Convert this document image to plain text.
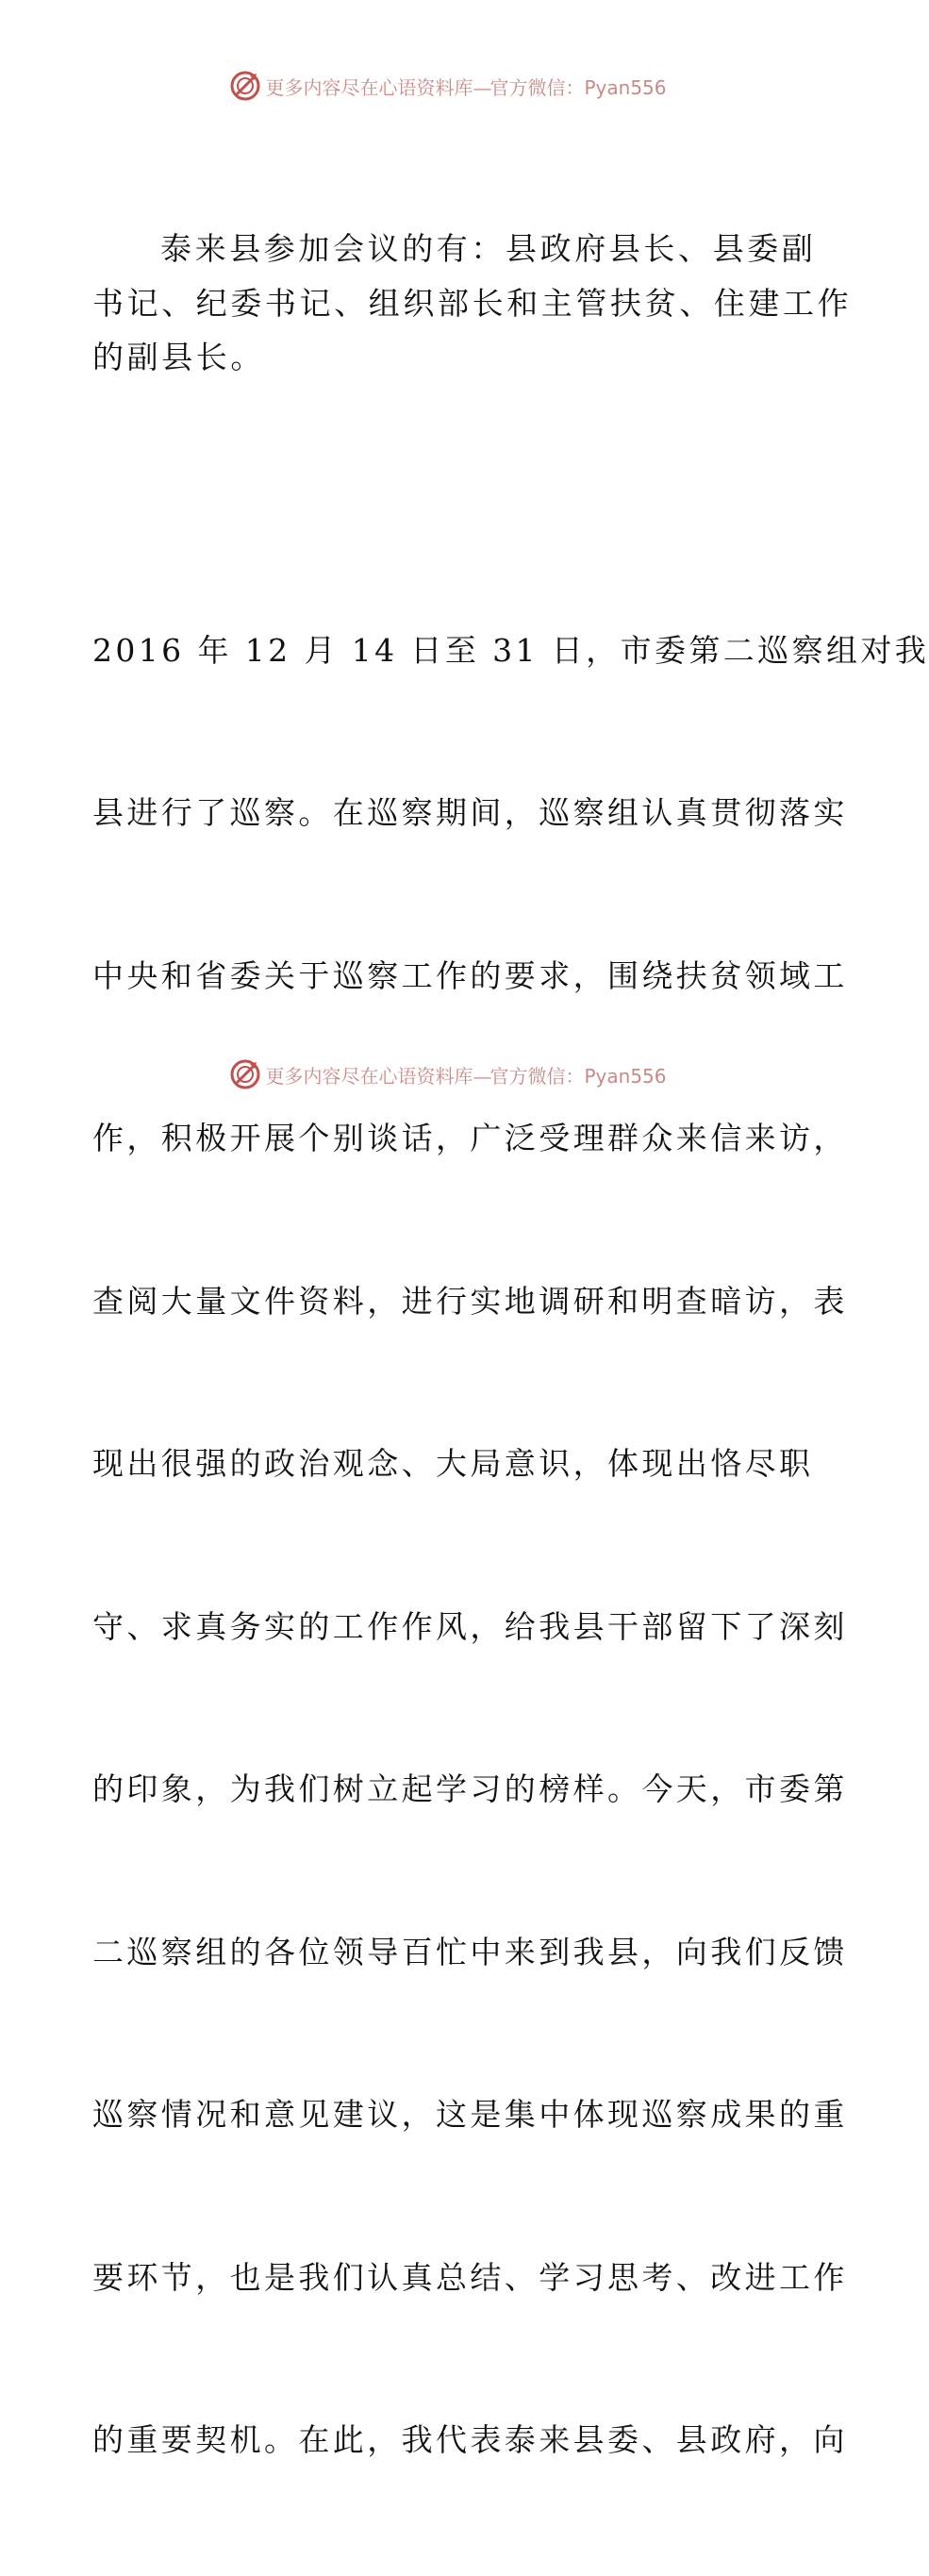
更多内容尽在心语资料库—官方微信：Pyan556

泰来县参加会议的有：县政府县长、县委副
书记、纪委书记、组织部长和主管扶贫、住建工作
的副县长。

2016 年 12 月 14 日至 31 日，市委第二巡察组对我

县进行了巡察。在巡察期间，巡察组认真贯彻落实

中央和省委关于巡察工作的要求，围绕扶贫领域工

作，积极开展个别谈话，广泛受理群众来信来访，

查阅大量文件资料，进行实地调研和明查暗访，表

现出很强的政治观念、大局意识，体现出恪尽职

守、求真务实的工作作风，给我县干部留下了深刻

的印象，为我们树立起学习的榜样。今天，市委第

二巡察组的各位领导百忙中来到我县，向我们反馈

巡察情况和意见建议，这是集中体现巡察成果的重

要环节，也是我们认真总结、学习思考、改进工作

的重要契机。在此，我代表泰来县委、县政府，向

更多内容尽在心语资料库—官方微信：Pyan556
